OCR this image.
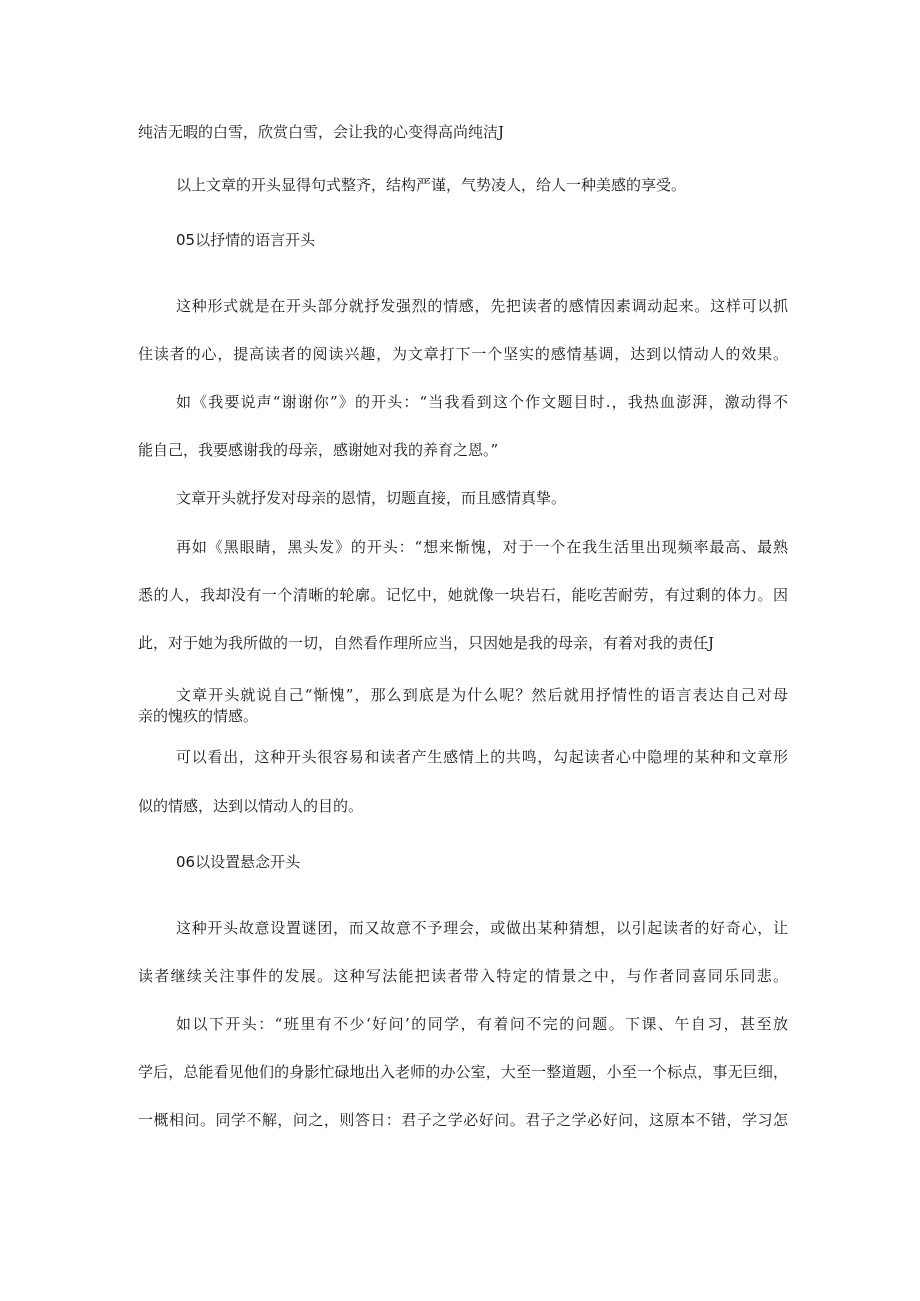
纯洁无暇的白雪，欣赏白雪，会让我的心变得高尚纯洁J
以上文章的开头显得句式整齐，结构严谨，气势凌人，给人一种美感的享受。
05以抒情的语言开头
这种形式就是在开头部分就抒发强烈的情感，先把读者的感情因素调动起来。这样可以抓
住读者的心，提高读者的阅读兴趣，为文章打下一个坚实的感情基调，达到以情动人的效果。
如《我要说声“谢谢你”》的开头：“当我看到这个作文题目时.，我热血澎湃，激动得不
能自己，我要感谢我的母亲，感谢她对我的养育之恩。”
文章开头就抒发对母亲的恩情，切题直接，而且感情真挚。
再如《黑眼睛，黑头发》的开头：“想来惭愧，对于一个在我生活里出现频率最高、最熟
悉的人，我却没有一个清晰的轮廓。记忆中，她就像一块岩石，能吃苦耐劳，有过剩的体力。因
此，对于她为我所做的一切，自然看作理所应当，只因她是我的母亲，有着对我的责任J
文章开头就说自己“惭愧”，那么到底是为什么呢？然后就用抒情性的语言表达自己对母
亲的愧疚的情感。
可以看出，这种开头很容易和读者产生感情上的共鸣，勾起读者心中隐埋的某种和文章形
似的情感，达到以情动人的目的。
06以设置悬念开头
这种开头故意设置谜团，而又故意不予理会，或做出某种猜想，以引起读者的好奇心，让
读者继续关注事件的发展。这种写法能把读者带入特定的情景之中，与作者同喜同乐同悲。
如以下开头：“班里有不少‘好问’的同学，有着问不完的问题。下课、午自习，甚至放
学后，总能看见他们的身影忙碌地出入老师的办公室，大至一整道题，小至一个标点，事无巨细，
一概相问。同学不解，问之，则答日：君子之学必好问。君子之学必好问，这原本不错，学习怎
